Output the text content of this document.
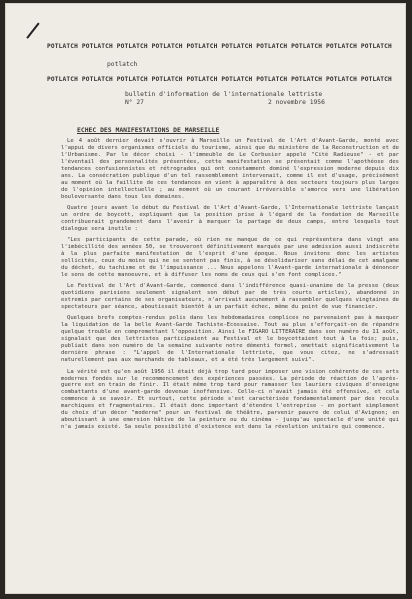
POTLATCH POTLATCH POTLATCH POTLATCH POTLATCH POTLATCH POTLATCH POTLATCH POTLATCH POTLATCH
potlatch
POTLATCH POTLATCH POTLATCH POTLATCH POTLATCH POTLATCH POTLATCH POTLATCH POTLATCH POTLATCH
bulletin d'information de l'internationale lettriste
N° 27	2 novembre 1956
ECHEC DES MANIFESTATIONS DE MARSEILLE

Le 4 août dernier devait s'ouvrir à Marseille un Festival de l'Art d'Avant-Garde, monté avec l'appui de divers organismes officiels du tourisme, ainsi que du ministère de la Reconstruction et de l'Urbanisme. Par le décor choisi - l'immeuble de Le Corbusier appelé "Cité Radieuse" - et par l'éventail des personnalités présentées, cette manifestation se présentait comme l'apothéose des tendances confusionnistes et rétrogrades qui ont constamment dominé l'expression moderne depuis dix ans. La consécration publique d'un tel rassemblement intervenait, comme il est d'usage, précisément au moment où la faillite de ces tendances en vient à apparaître à des secteurs toujours plus larges de l'opinion intellectuelle ; au moment où un courant irréversible s'amorce vers une libération bouleversante dans tous les domaines.

Quatre jours avant le début du Festival de l'Art d'Avant-Garde, l'Internationale lettriste lançait un ordre de boycott, expliquant que la position prise à l'égard de la fondation de Marseille contribuerait grandement dans l'avenir à marquer le partage de deux camps, entre lesquels tout dialogue sera inutile :

"Les participants de cette parade, où rien ne manque de ce qui représentera dans vingt ans l'imbécillité des années 50, se trouveront définitivement marqués par une admission aussi indiscrète à la plus parfaite manifestation de l'esprit d'une époque. Nous invitons donc les artistes sollicités, ceux du moins qui ne se sentent pas finis, à se désolidariser sans délai de cet amalgame du déchet, du tachisme et de l'impuissance ... Nous appelons l'Avant-garde internationale à dénoncer le sens de cette manoeuvre, et à diffuser les noms de ceux qui s'en font complices."

Le Festival de l'Art d'Avant-Garde, commencé dans l'indifférence quasi-unanime de la presse (deux quotidiens parisiens seulement signalent son début par de très courts articles), abandonné in extremis par certains de ses organisateurs, n'arrivait aucunement à rassembler quelques vingtaines de spectateurs par séance, aboutissait bientôt à un parfait échec, même du point de vue financier.

Quelques brefs comptes-rendus polis dans les hebdomadaires complices ne parvenaient pas à masquer la liquidation de la belle Avant-Garde Tachiste-Ecossaise. Tout au plus s'efforçait-on de répandre quelque trouble en compromettant l'opposition. Ainsi le FIGARO LITTERAIRE dans son numéro du 11 août, signalait que des lettristes participaient au Festival et le boycottaient tout à la fois; puis, publiait dans son numéro de la semaine suivante notre démenti formel, omettait significativement la dernière phrase : "L'appel de l'Internationale lettriste, que vous citez, ne s'adressait naturellement pas aux marchands de tableaux, et a été très largement suivi".

La vérité est qu'en août 1956 il était déjà trop tard pour imposer une vision cohérente de ces arts modernes fondés sur le recommencement des expériences passées. La période de réaction de l'après-guerre est en train de finir. Il était même trop tard pour ramasser les lauriers civiques d'enseigne combattants d'une avant-garde devenue inoffensive. Celle-ci n'avait jamais été offensive, et cela commence à se savoir. Et surtout, cette période s'est caractérisée fondamentalement par des reculs marchiques et fragmentaires. Il était donc important d'étendre l'entreprise - en portant simplement du choix d'un décor "moderne" pour un festival de théâtre, parvenir pauvre de colui d'Avignon; en aboutissant à une emersion hâtive de la peinture ou du cinéma - jusqu'au spectacle d'une unité qui n'a jamais existé. Sa seule possibilité d'existence est dans la révolution unitaire qui commence.
